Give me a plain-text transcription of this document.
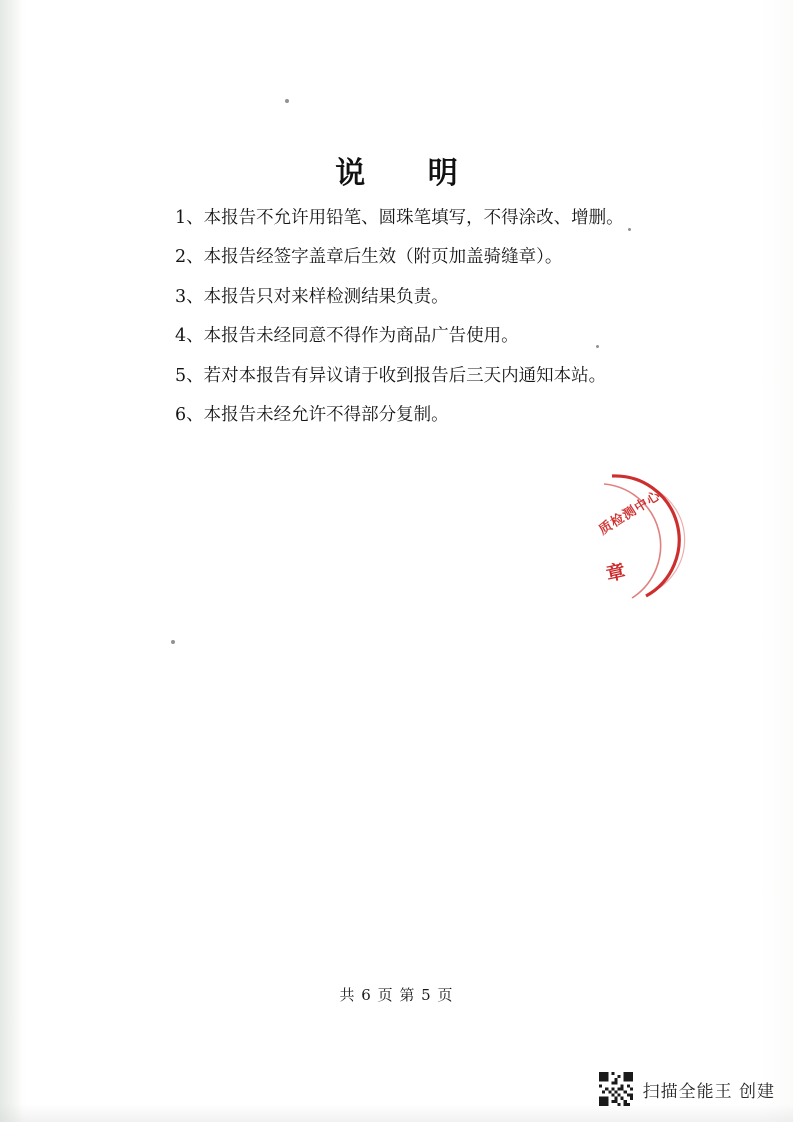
说 明

1、本报告不允许用铅笔、圆珠笔填写，不得涂改、增删。

2、本报告经签字盖章后生效（附页加盖骑缝章）。

3、本报告只对来样检测结果负责。

4、本报告未经同意不得作为商品广告使用。

5、若对本报告有异议请于收到报告后三天内通知本站。

6、本报告未经允许不得部分复制。

质检测中心
章
共 6 页 第 5 页
扫描全能王 创建
